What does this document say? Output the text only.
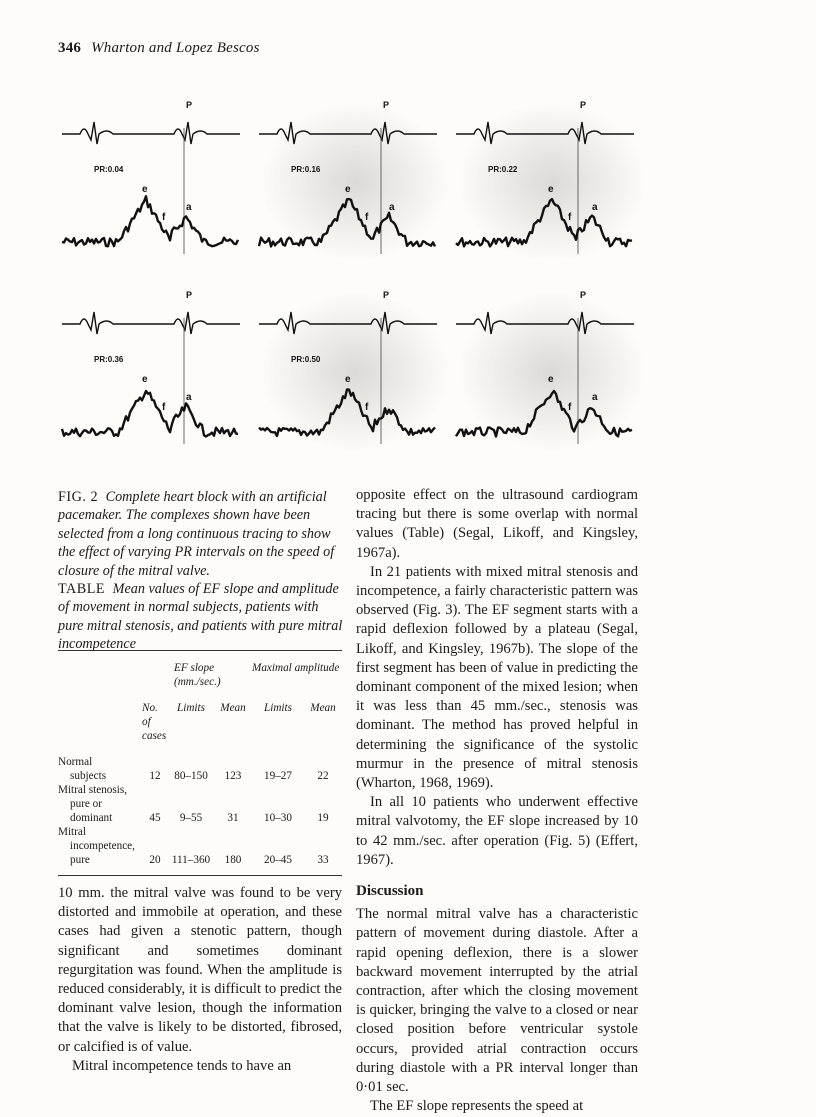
346 Wharton and Lopez Bescos
P
PR:0.04
e
f
a
P
PR:0.16
e
f
a
P
PR:0.22
e
f
a
P
PR:0.36
e
f
a
P
PR:0.50
e
f
P
e
f
a
FIG. 2 Complete heart block with an artificial pacemaker. The complexes shown have been selected from a long continuous tracing to show the effect of varying PR intervals on the speed of closure of the mitral valve.
TABLE Mean values of EF slope and amplitude of movement in normal subjects, patients with pure mitral stenosis, and patients with pure mitral incompetence
		EF slope (mm./sec.)		Maximal amplitude	
	No. of cases	Limits	Mean	Limits	Mean

Normal
subjects	12	80–150	123	19–27	22
Mitral stenosis,
pure or
dominant	45	9–55	31	10–30	19
Mitral
incompetence,
pure	20	111–360	180	20–45	33

10 mm. the mitral valve was found to be very distorted and immobile at operation, and these cases had given a stenotic pattern, though significant and sometimes dominant regurgitation was found. When the amplitude is reduced considerably, it is difficult to predict the dominant valve lesion, though the information that the valve is likely to be distorted, fibrosed, or calcified is of value.

Mitral incompetence tends to have an

opposite effect on the ultrasound cardiogram tracing but there is some overlap with normal values (Table) (Segal, Likoff, and Kingsley, 1967a).

In 21 patients with mixed mitral stenosis and incompetence, a fairly characteristic pattern was observed (Fig. 3). The EF segment starts with a rapid deflexion followed by a plateau (Segal, Likoff, and Kingsley, 1967b). The slope of the first segment has been of value in predicting the dominant component of the mixed lesion; when it was less than 45 mm./sec., stenosis was dominant. The method has proved helpful in determining the significance of the systolic murmur in the presence of mitral stenosis (Wharton, 1968, 1969).

In all 10 patients who underwent effective mitral valvotomy, the EF slope increased by 10 to 42 mm./sec. after operation (Fig. 5) (Effert, 1967).

Discussion

The normal mitral valve has a characteristic pattern of movement during diastole. After a rapid opening deflexion, there is a slower backward movement interrupted by the atrial contraction, after which the closing movement is quicker, bringing the valve to a closed or near closed position before ventricular systole occurs, provided atrial contraction occurs during diastole with a PR interval longer than 0·01 sec.

The EF slope represents the speed at
